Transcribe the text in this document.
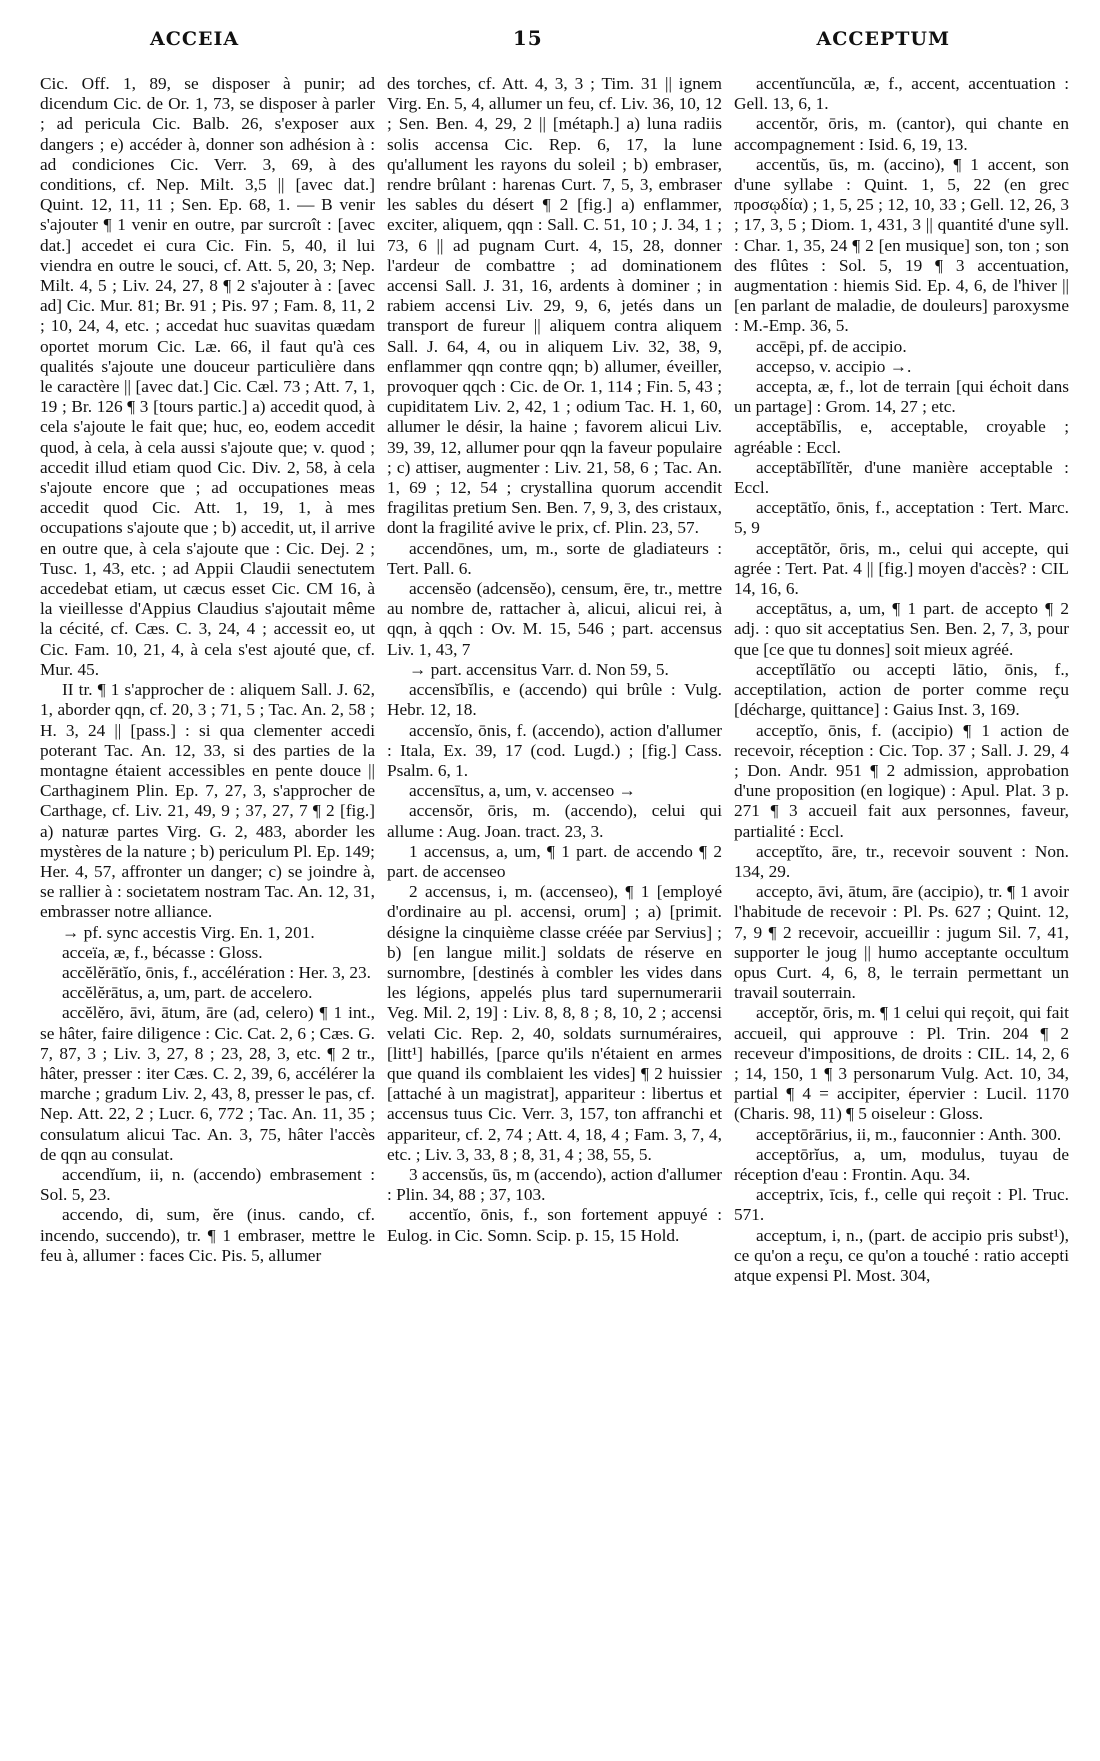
ACCEIA	15	ACCEPTUM

Cic. Off. 1, 89, se disposer à punir; ad dicendum Cic. de Or. 1, 73, se disposer à parler ; ad pericula Cic. Balb. 26, s'exposer aux dangers ; e) accéder à, donner son adhésion à : ad condiciones Cic. Verr. 3, 69, à des conditions, cf. Nep. Milt. 3,5 || [avec dat.] Quint. 12, 11, 11 ; Sen. Ep. 68, 1. — B venir s'ajouter ¶ 1 venir en outre, par surcroît : [avec dat.] accedet ei cura Cic. Fin. 5, 40, il lui viendra en outre le souci, cf. Att. 5, 20, 3; Nep. Milt. 4, 5 ; Liv. 24, 27, 8 ¶ 2 s'ajouter à : [avec ad] Cic. Mur. 81; Br. 91 ; Pis. 97 ; Fam. 8, 11, 2 ; 10, 24, 4, etc. ; accedat huc suavitas quædam oportet morum Cic. Læ. 66, il faut qu'à ces qualités s'ajoute une douceur particulière dans le caractère || [avec dat.] Cic. Cæl. 73 ; Att. 7, 1, 19 ; Br. 126 ¶ 3 [tours partic.] a) accedit quod, à cela s'ajoute le fait que; huc, eo, eodem accedit quod, à cela, à cela aussi s'ajoute que; v. quod ; accedit illud etiam quod Cic. Div. 2, 58, à cela s'ajoute encore que ; ad occupationes meas accedit quod Cic. Att. 1, 19, 1, à mes occupations s'ajoute que ; b) accedit, ut, il arrive en outre que, à cela s'ajoute que : Cic. Dej. 2 ; Tusc. 1, 43, etc. ; ad Appii Claudii senectutem accedebat etiam, ut cæcus esset Cic. CM 16, à la vieillesse d'Appius Claudius s'ajoutait même la cécité, cf. Cæs. C. 3, 24, 4 ; accessit eo, ut Cic. Fam. 10, 21, 4, à cela s'est ajouté que, cf. Mur. 45.

II tr. ¶ 1 s'approcher de : aliquem Sall. J. 62, 1, aborder qqn, cf. 20, 3 ; 71, 5 ; Tac. An. 2, 58 ; H. 3, 24 || [pass.] : si qua clementer accedi poterant Tac. An. 12, 33, si des parties de la montagne étaient accessibles en pente douce || Carthaginem Plin. Ep. 7, 27, 3, s'approcher de Carthage, cf. Liv. 21, 49, 9 ; 37, 27, 7 ¶ 2 [fig.] a) naturæ partes Virg. G. 2, 483, aborder les mystères de la nature ; b) periculum Pl. Ep. 149; Her. 4, 57, affronter un danger; c) se joindre à, se rallier à : societatem nostram Tac. An. 12, 31, embrasser notre alliance.

→ pf. sync accestis Virg. En. 1, 201.

acceïa, æ, f., bécasse : Gloss.

accĕlĕrātĭo, ōnis, f., accélération : Her. 3, 23.

accĕlĕrātus, a, um, part. de accelero.

accĕlĕro, āvi, ātum, āre (ad, celero) ¶ 1 int., se hâter, faire diligence : Cic. Cat. 2, 6 ; Cæs. G. 7, 87, 3 ; Liv. 3, 27, 8 ; 23, 28, 3, etc. ¶ 2 tr., hâter, presser : iter Cæs. C. 2, 39, 6, accélérer la marche ; gradum Liv. 2, 43, 8, presser le pas, cf. Nep. Att. 22, 2 ; Lucr. 6, 772 ; Tac. An. 11, 35 ; consulatum alicui Tac. An. 3, 75, hâter l'accès de qqn au consulat.

accendĭum, ii, n. (accendo) embrasement : Sol. 5, 23.

accendo, di, sum, ĕre (inus. cando, cf. incendo, succendo), tr. ¶ 1 embraser, mettre le feu à, allumer : faces Cic. Pis. 5, allumer

des torches, cf. Att. 4, 3, 3 ; Tim. 31 || ignem Virg. En. 5, 4, allumer un feu, cf. Liv. 36, 10, 12 ; Sen. Ben. 4, 29, 2 || [métaph.] a) luna radiis solis accensa Cic. Rep. 6, 17, la lune qu'allument les rayons du soleil ; b) embraser, rendre brûlant : harenas Curt. 7, 5, 3, embraser les sables du désert ¶ 2 [fig.] a) enflammer, exciter, aliquem, qqn : Sall. C. 51, 10 ; J. 34, 1 ; 73, 6 || ad pugnam Curt. 4, 15, 28, donner l'ardeur de combattre ; ad dominationem accensi Sall. J. 31, 16, ardents à dominer ; in rabiem accensi Liv. 29, 9, 6, jetés dans un transport de fureur || aliquem contra aliquem Sall. J. 64, 4, ou in aliquem Liv. 32, 38, 9, enflammer qqn contre qqn; b) allumer, éveiller, provoquer qqch : Cic. de Or. 1, 114 ; Fin. 5, 43 ; cupiditatem Liv. 2, 42, 1 ; odium Tac. H. 1, 60, allumer le désir, la haine ; favorem alicui Liv. 39, 39, 12, allumer pour qqn la faveur populaire ; c) attiser, augmenter : Liv. 21, 58, 6 ; Tac. An. 1, 69 ; 12, 54 ; crystallina quorum accendit fragilitas pretium Sen. Ben. 7, 9, 3, des cristaux, dont la fragilité avive le prix, cf. Plin. 23, 57.

accendōnes, um, m., sorte de gladiateurs : Tert. Pall. 6.

accensĕo (adcensĕo), censum, ēre, tr., mettre au nombre de, rattacher à, alicui, alicui rei, à qqn, à qqch : Ov. M. 15, 546 ; part. accensus Liv. 1, 43, 7

→ part. accensitus Varr. d. Non 59, 5.

accensĭbĭlis, e (accendo) qui brûle : Vulg. Hebr. 12, 18.

accensĭo, ōnis, f. (accendo), action d'allumer : Itala, Ex. 39, 17 (cod. Lugd.) ; [fig.] Cass. Psalm. 6, 1.

accensītus, a, um, v. accenseo →

accensŏr, ōris, m. (accendo), celui qui allume : Aug. Joan. tract. 23, 3.

1 accensus, a, um, ¶ 1 part. de accendo ¶ 2 part. de accenseo

2 accensus, i, m. (accenseo), ¶ 1 [employé d'ordinaire au pl. accensi, orum] ; a) [primit. désigne la cinquième classe créée par Servius] ; b) [en langue milit.] soldats de réserve en surnombre, [destinés à combler les vides dans les légions, appelés plus tard supernumerarii Veg. Mil. 2, 19] : Liv. 8, 8, 8 ; 8, 10, 2 ; accensi velati Cic. Rep. 2, 40, soldats surnuméraires, [litt¹] habillés, [parce qu'ils n'étaient en armes que quand ils comblaient les vides] ¶ 2 huissier [attaché à un magistrat], appariteur : libertus et accensus tuus Cic. Verr. 3, 157, ton affranchi et appariteur, cf. 2, 74 ; Att. 4, 18, 4 ; Fam. 3, 7, 4, etc. ; Liv. 3, 33, 8 ; 8, 31, 4 ; 38, 55, 5.

3 accensŭs, ūs, m (accendo), action d'allumer : Plin. 34, 88 ; 37, 103.

accentĭo, ōnis, f., son fortement appuyé : Eulog. in Cic. Somn. Scip. p. 15, 15 Hold.

accentĭuncŭla, æ, f., accent, accentuation : Gell. 13, 6, 1.

accentŏr, ōris, m. (cantor), qui chante en accompagnement : Isid. 6, 19, 13.

accentŭs, ūs, m. (accino), ¶ 1 accent, son d'une syllabe : Quint. 1, 5, 22 (en grec προσῳδία) ; 1, 5, 25 ; 12, 10, 33 ; Gell. 12, 26, 3 ; 17, 3, 5 ; Diom. 1, 431, 3 || quantité d'une syll. : Char. 1, 35, 24 ¶ 2 [en musique] son, ton ; son des flûtes : Sol. 5, 19 ¶ 3 accentuation, augmentation : hiemis Sid. Ep. 4, 6, de l'hiver || [en parlant de maladie, de douleurs] paroxysme : M.-Emp. 36, 5.

accēpi, pf. de accipio.

accepso, v. accipio →.

accepta, æ, f., lot de terrain [qui échoit dans un partage] : Grom. 14, 27 ; etc.

acceptābĭlis, e, acceptable, croyable ; agréable : Eccl.

acceptābĭlĭtĕr, d'une manière acceptable : Eccl.

acceptātĭo, ōnis, f., acceptation : Tert. Marc. 5, 9

acceptātŏr, ōris, m., celui qui accepte, qui agrée : Tert. Pat. 4 || [fig.] moyen d'accès? : CIL 14, 16, 6.

acceptātus, a, um, ¶ 1 part. de accepto ¶ 2 adj. : quo sit acceptatius Sen. Ben. 2, 7, 3, pour que [ce que tu donnes] soit mieux agréé.

acceptĭlātĭo ou accepti lātio, ōnis, f., acceptilation, action de porter comme reçu [décharge, quittance] : Gaius Inst. 3, 169.

acceptĭo, ōnis, f. (accipio) ¶ 1 action de recevoir, réception : Cic. Top. 37 ; Sall. J. 29, 4 ; Don. Andr. 951 ¶ 2 admission, approbation d'une proposition (en logique) : Apul. Plat. 3 p. 271 ¶ 3 accueil fait aux personnes, faveur, partialité : Eccl.

acceptĭto, āre, tr., recevoir souvent : Non. 134, 29.

accepto, āvi, ātum, āre (accipio), tr. ¶ 1 avoir l'habitude de recevoir : Pl. Ps. 627 ; Quint. 12, 7, 9 ¶ 2 recevoir, accueillir : jugum Sil. 7, 41, supporter le joug || humo acceptante occultum opus Curt. 4, 6, 8, le terrain permettant un travail souterrain.

acceptŏr, ōris, m. ¶ 1 celui qui reçoit, qui fait accueil, qui approuve : Pl. Trin. 204 ¶ 2 receveur d'impositions, de droits : CIL. 14, 2, 6 ; 14, 150, 1 ¶ 3 personarum Vulg. Act. 10, 34, partial ¶ 4 = accipiter, épervier : Lucil. 1170 (Charis. 98, 11) ¶ 5 oiseleur : Gloss.

acceptōrārius, ii, m., fauconnier : Anth. 300.

acceptōrĭus, a, um, modulus, tuyau de réception d'eau : Frontin. Aqu. 34.

acceptrix, īcis, f., celle qui reçoit : Pl. Truc. 571.

acceptum, i, n., (part. de accipio pris subst¹), ce qu'on a reçu, ce qu'on a touché : ratio accepti atque expensi Pl. Most. 304,
